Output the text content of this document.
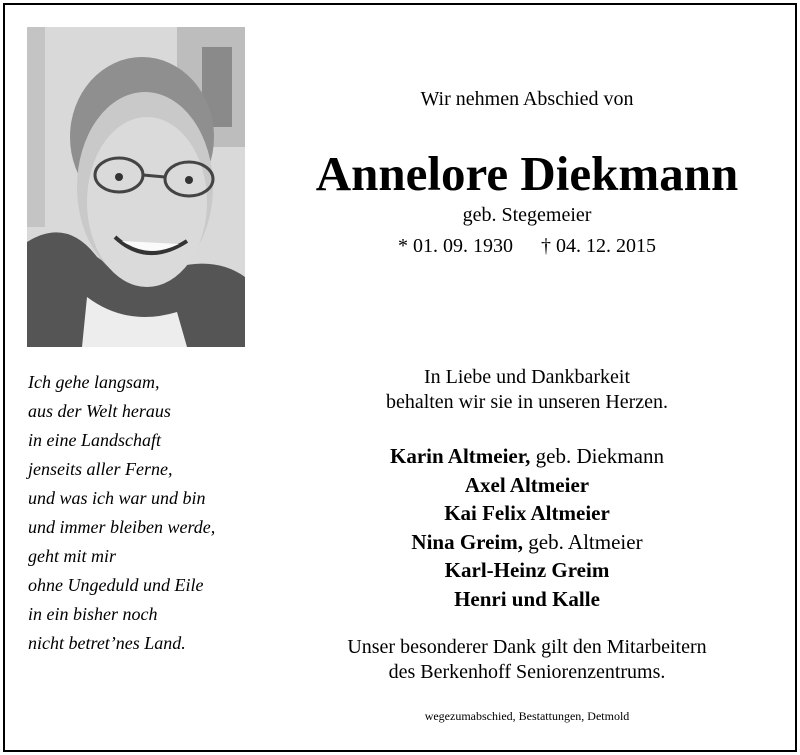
Ich gehe langsam,
aus der Welt heraus
in eine Landschaft
jenseits aller Ferne,
und was ich war und bin
und immer bleiben werde,
geht mit mir
ohne Ungeduld und Eile
in ein bisher noch
nicht betret’nes Land.
Wir nehmen Abschied von
Annelore Diekmann
geb. Stegemeier
* 01. 09. 1930 † 04. 12. 2015
In Liebe und Dankbarkeit
behalten wir sie in unseren Herzen.
Karin Altmeier, geb. Diekmann
Axel Altmeier
Kai Felix Altmeier
Nina Greim, geb. Altmeier
Karl-Heinz Greim
Henri und Kalle
Unser besonderer Dank gilt den Mitarbeitern
des Berkenhoff Seniorenzentrums.
wegezumabschied, Bestattungen, Detmold
